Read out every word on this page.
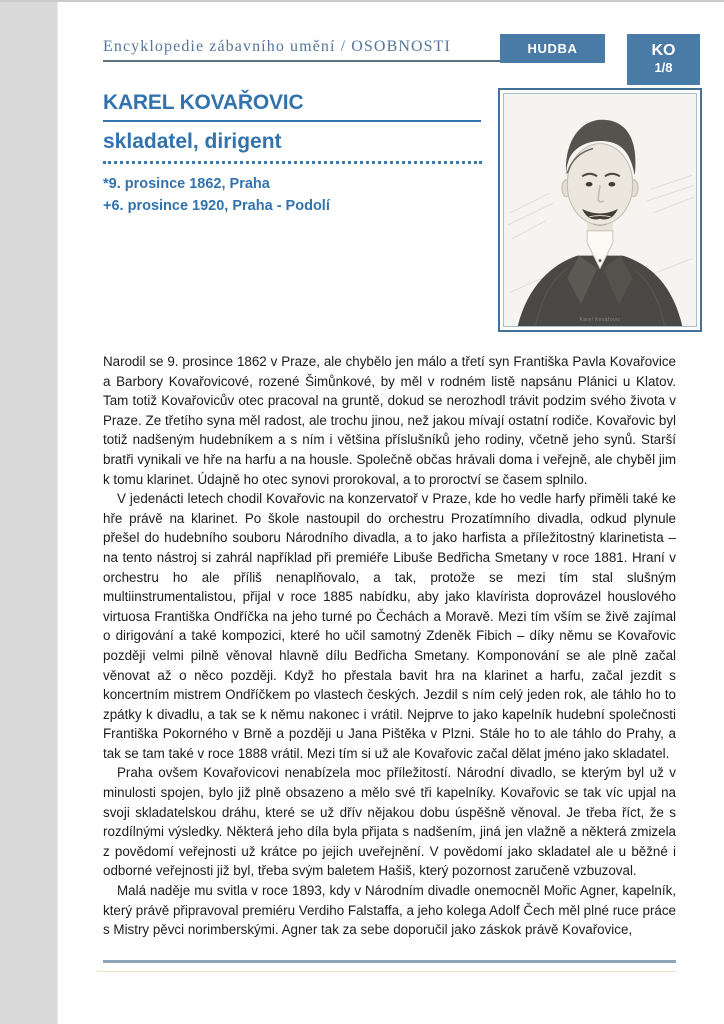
Encyklopedie zábavního umění / OSOBNOSTI	HUDBA	KO
1/8
KAREL KOVAŘOVIC
skladatel, dirigent
*9. prosince 1862, Praha
+6. prosince 1920, Praha - Podolí
Karel Kovařovic

Narodil se 9. prosince 1862 v Praze, ale chybělo jen málo a třetí syn Františka Pavla Kovařovice a Barbory Kovařovicové, rozené Šimůnkové, by měl v rodném listě napsánu Plánici u Klatov. Tam totiž Kovařovicův otec pracoval na gruntě, dokud se nerozhodl trávit podzim svého života v Praze. Ze třetího syna měl radost, ale trochu jinou, než jakou mívají ostatní rodiče. Kovařovic byl totiž nadšeným hudebníkem a s ním i většina příslušníků jeho rodiny, včetně jeho synů. Starší bratři vynikali ve hře na harfu a na housle. Společně občas hrávali doma i veřejně, ale chyběl jim k tomu klarinet. Údajně ho otec synovi prorokoval, a to proroctví se časem splnilo.

V jedenácti letech chodil Kovařovic na konzervatoř v Praze, kde ho vedle harfy přiměli také ke hře právě na klarinet. Po škole nastoupil do orchestru Prozatímního divadla, odkud plynule přešel do hudebního souboru Národního divadla, a to jako harfista a příležitostný klarinetista – na tento nástroj si zahrál například při premiéře Libuše Bedřicha Smetany v roce 1881. Hraní v orchestru ho ale příliš nenaplňovalo, a tak, protože se mezi tím stal slušným multiinstrumentalistou, přijal v roce 1885 nabídku, aby jako klavírista doprovázel houslového virtuosa Františka Ondříčka na jeho turné po Čechách a Moravě. Mezi tím vším se živě zajímal o dirigování a také kompozici, které ho učil samotný Zdeněk Fibich – díky němu se Kovařovic později velmi pilně věnoval hlavně dílu Bedřicha Smetany. Komponování se ale plně začal věnovat až o něco později. Když ho přestala bavit hra na klarinet a harfu, začal jezdit s koncertním mistrem Ondříčkem po vlastech českých. Jezdil s ním celý jeden rok, ale táhlo ho to zpátky k divadlu, a tak se k němu nakonec i vrátil. Nejprve to jako kapelník hudební společnosti Františka Pokorného v Brně a později u Jana Pištěka v Plzni. Stále ho to ale táhlo do Prahy, a tak se tam také v roce 1888 vrátil. Mezi tím si už ale Kovařovic začal dělat jméno jako skladatel.

Praha ovšem Kovařovicovi nenabízela moc příležitostí. Národní divadlo, se kterým byl už v minulosti spojen, bylo již plně obsazeno a mělo své tři kapelníky. Kovařovic se tak víc upjal na svoji skladatelskou dráhu, které se už dřív nějakou dobu úspěšně věnoval. Je třeba říct, že s rozdílnými výsledky. Některá jeho díla byla přijata s nadšením, jiná jen vlažně a některá zmizela z povědomí veřejnosti už krátce po jejich uveřejnění. V povědomí jako skladatel ale u běžné i odborné veřejnosti již byl, třeba svým baletem Hašiš, který pozornost zaručeně vzbuzoval.

Malá naděje mu svitla v roce 1893, kdy v Národním divadle onemocněl Mořic Agner, kapelník, který právě připravoval premiéru Verdiho Falstaffa, a jeho kolega Adolf Čech měl plné ruce práce s Mistry pěvci norimberskými. Agner tak za sebe doporučil jako záskok právě Kovařovice,
